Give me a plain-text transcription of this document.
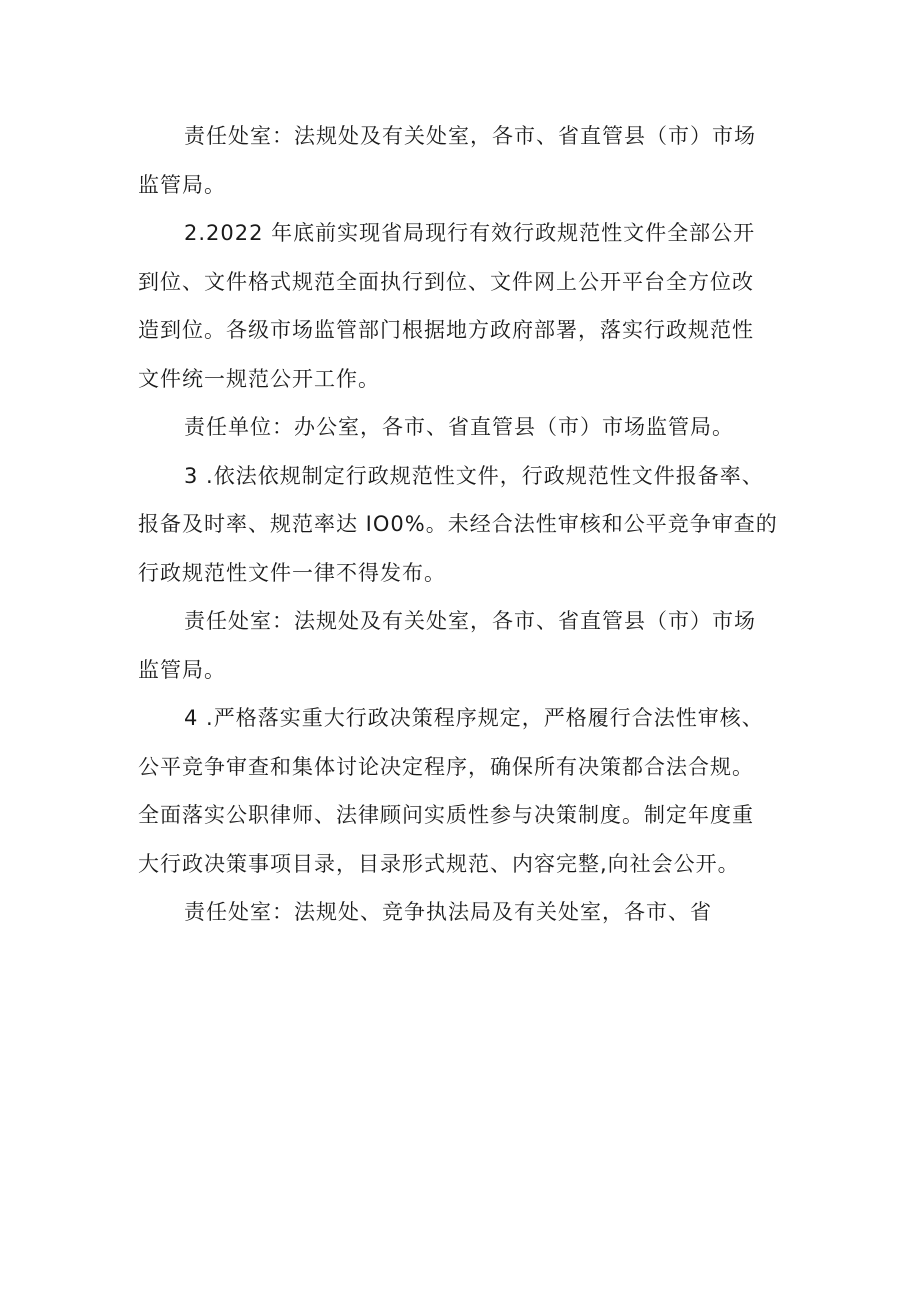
责任处室：法规处及有关处室，各市、省直管县（市）市场
监管局。
2.2022 年底前实现省局现行有效行政规范性文件全部公开
到位、文件格式规范全面执行到位、文件网上公开平台全方位改
造到位。各级市场监管部门根据地方政府部署，落实行政规范性
文件统一规范公开工作。
责任单位：办公室，各市、省直管县（市）市场监管局。
3 .依法依规制定行政规范性文件，行政规范性文件报备率、
报备及时率、规范率达 IO0%。未经合法性审核和公平竞争审查的
行政规范性文件一律不得发布。
责任处室：法规处及有关处室，各市、省直管县（市）市场
监管局。
4 .严格落实重大行政决策程序规定，严格履行合法性审核、
公平竞争审查和集体讨论决定程序，确保所有决策都合法合规。
全面落实公职律师、法律顾问实质性参与决策制度。制定年度重
大行政决策事项目录，目录形式规范、内容完整,向社会公开。
责任处室：法规处、竞争执法局及有关处室，各市、省
